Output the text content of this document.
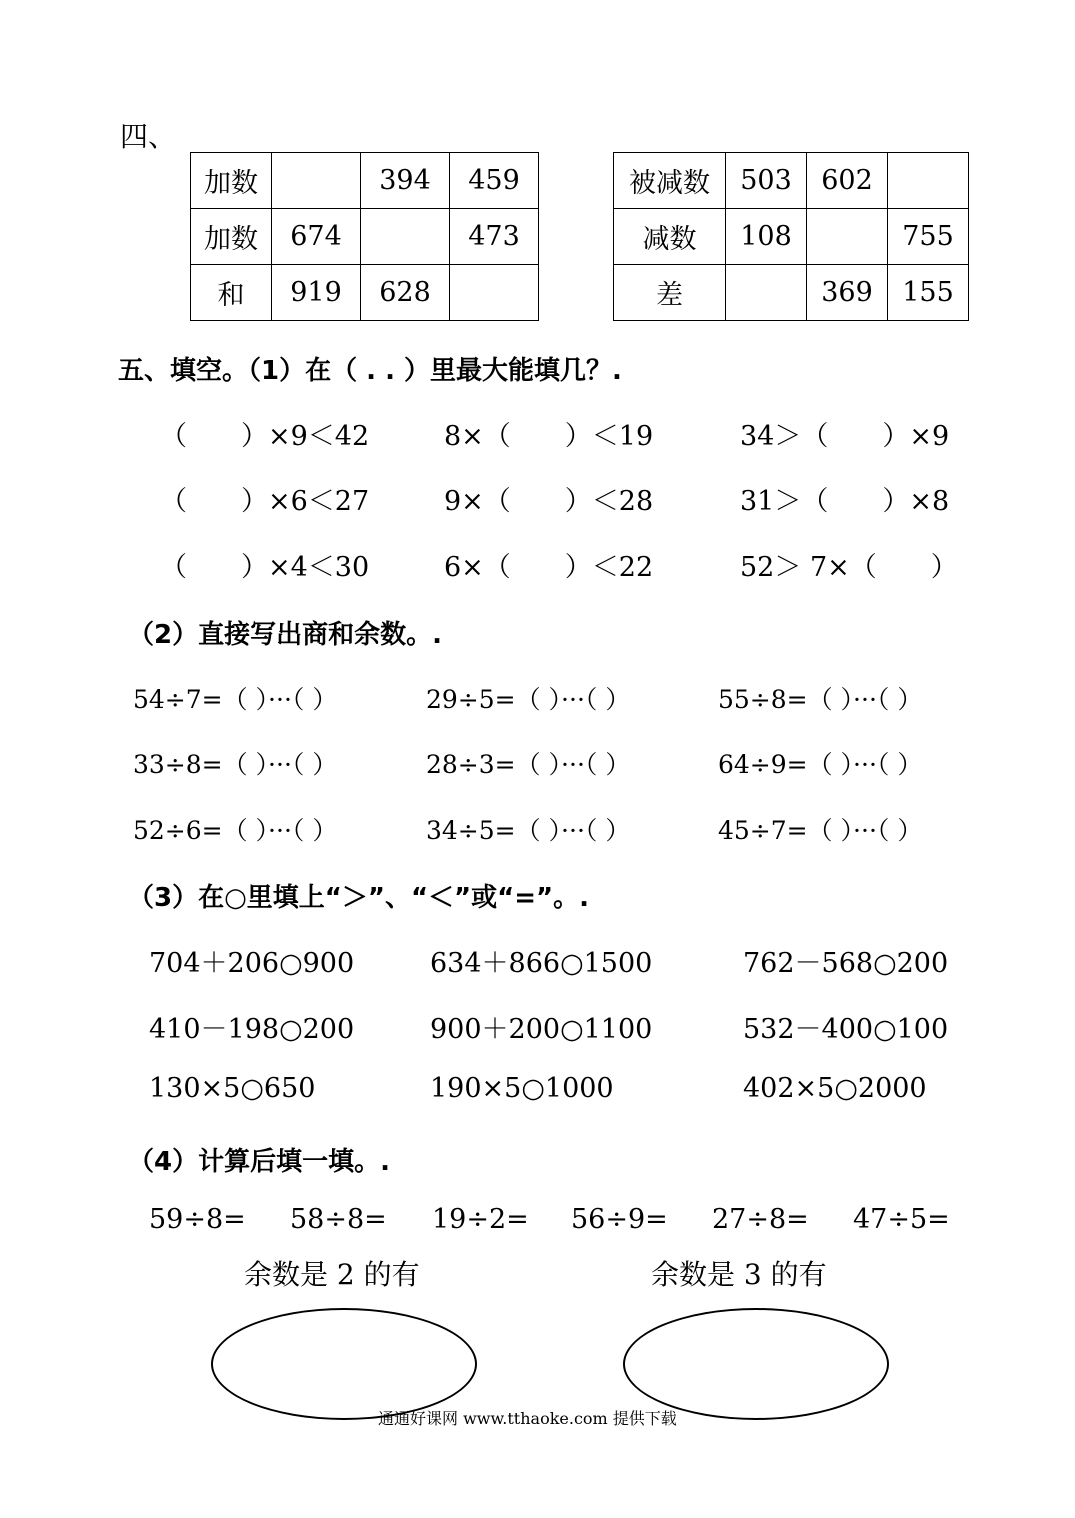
四、
加数		394	459
加数	674		473
和	919	628	
被减数	503	602	
减数	108		755
差		369	155
五、填空。（1）在（ . . ）里最大能填几？.
（　　）×9＜42	8×（　　）＜19	34＞（　　）×9
（　　）×6＜27	9×（　　）＜28	31＞（　　）×8
（　　）×4＜30	6×（　　）＜22	52＞ 7×（　　）
（2）直接写出商和余数。.
54÷7=（ ）···（ ）	29÷5=（ ）···（ ）	55÷8=（ ）···（ ）
33÷8=（ ）···（ ）	28÷3=（ ）···（ ）	64÷9=（ ）···（ ）
52÷6=（ ）···（ ）	34÷5=（ ）···（ ）	45÷7=（ ）···（ ）
（3）在○里填上“＞”、“＜”或“=”。.
704＋206○900	634＋866○1500	762－568○200
410－198○200	900＋200○1100	532－400○100
130×5○650	190×5○1000	402×5○2000
（4）计算后填一填。.
59÷8= 58÷8= 19÷2= 56÷9= 27÷8= 47÷5=
余数是 2 的有	余数是 3 的有
通通好课网 www.tthaoke.com 提供下载
